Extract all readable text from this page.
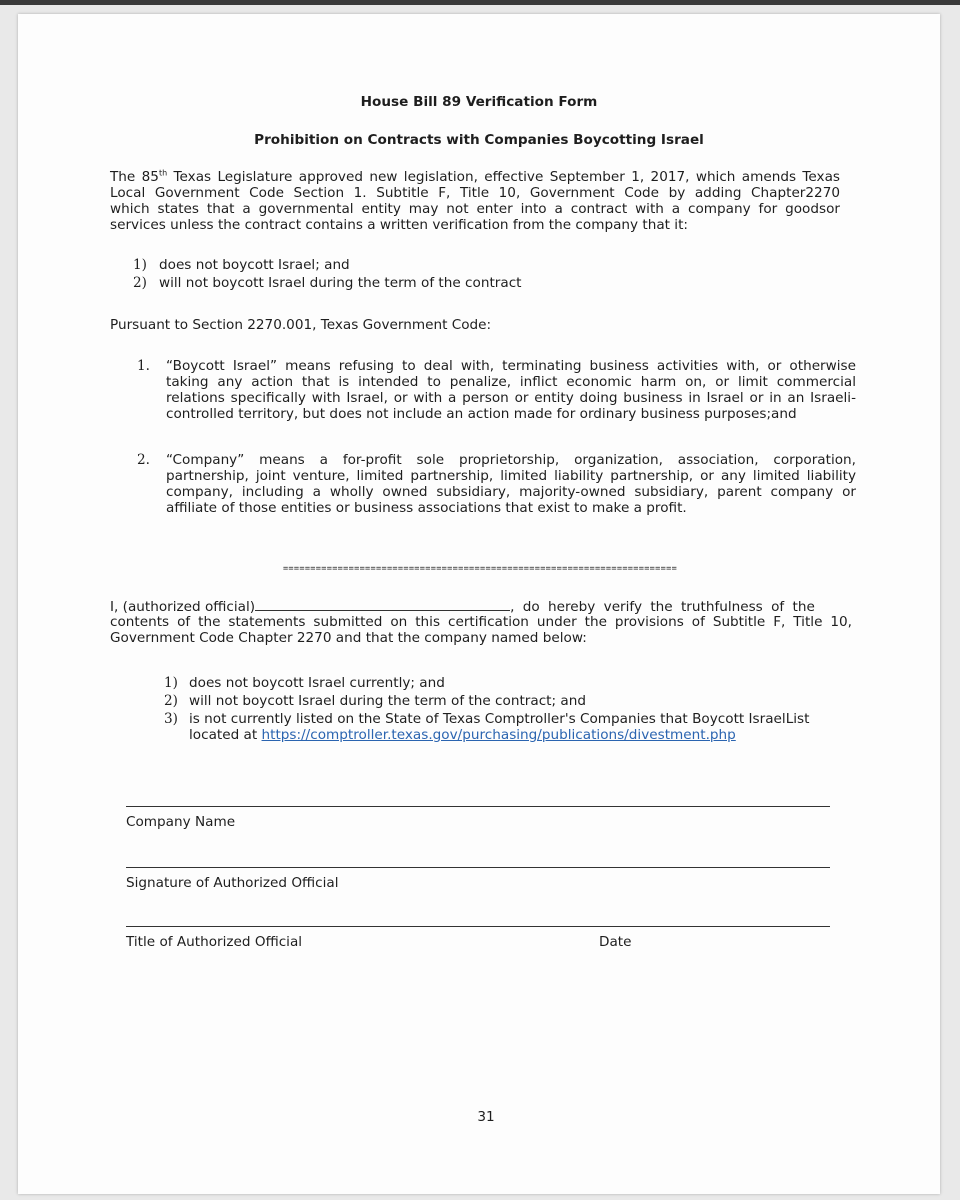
House Bill 89 Verification Form
Prohibition on Contracts with Companies Boycotting Israel
The 85th Texas Legislature approved new legislation, effective September 1, 2017, which amends Texas
Local Government Code Section 1. Subtitle F, Title 10, Government Code by adding Chapter2270
which states that a governmental entity may not enter into a contract with a company for goodsor
services unless the contract contains a written verification from the company that it:
1) does not boycott Israel; and
2) will not boycott Israel during the term of the contract
Pursuant to Section 2270.001, Texas Government Code:
1. “Boycott Israel” means refusing to deal with, terminating business activities with, or otherwise
taking any action that is intended to penalize, inflict economic harm on, or limit commercial
relations specifically with Israel, or with a person or entity doing business in Israel or in an Israeli-
controlled territory, but does not include an action made for ordinary business purposes;and
2. “Company” means a for-profit sole proprietorship, organization, association, corporation,
partnership, joint venture, limited partnership, limited liability partnership, or any limited liability
company, including a wholly owned subsidiary, majority-owned subsidiary, parent company or
affiliate of those entities or business associations that exist to make a profit.
========================================================================
I, (authorized official)	, do hereby verify the truthfulness of the
contents of the statements submitted on this certification under the provisions of Subtitle F, Title 10,
Government Code Chapter 2270 and that the company named below:
1) does not boycott Israel currently; and
2) will not boycott Israel during the term of the contract; and
3) is not currently listed on the State of Texas Comptroller's Companies that Boycott IsraelList
located at https://comptroller.texas.gov/purchasing/publications/divestment.php
Company Name
Signature of Authorized Official
Title of Authorized Official	Date
31
